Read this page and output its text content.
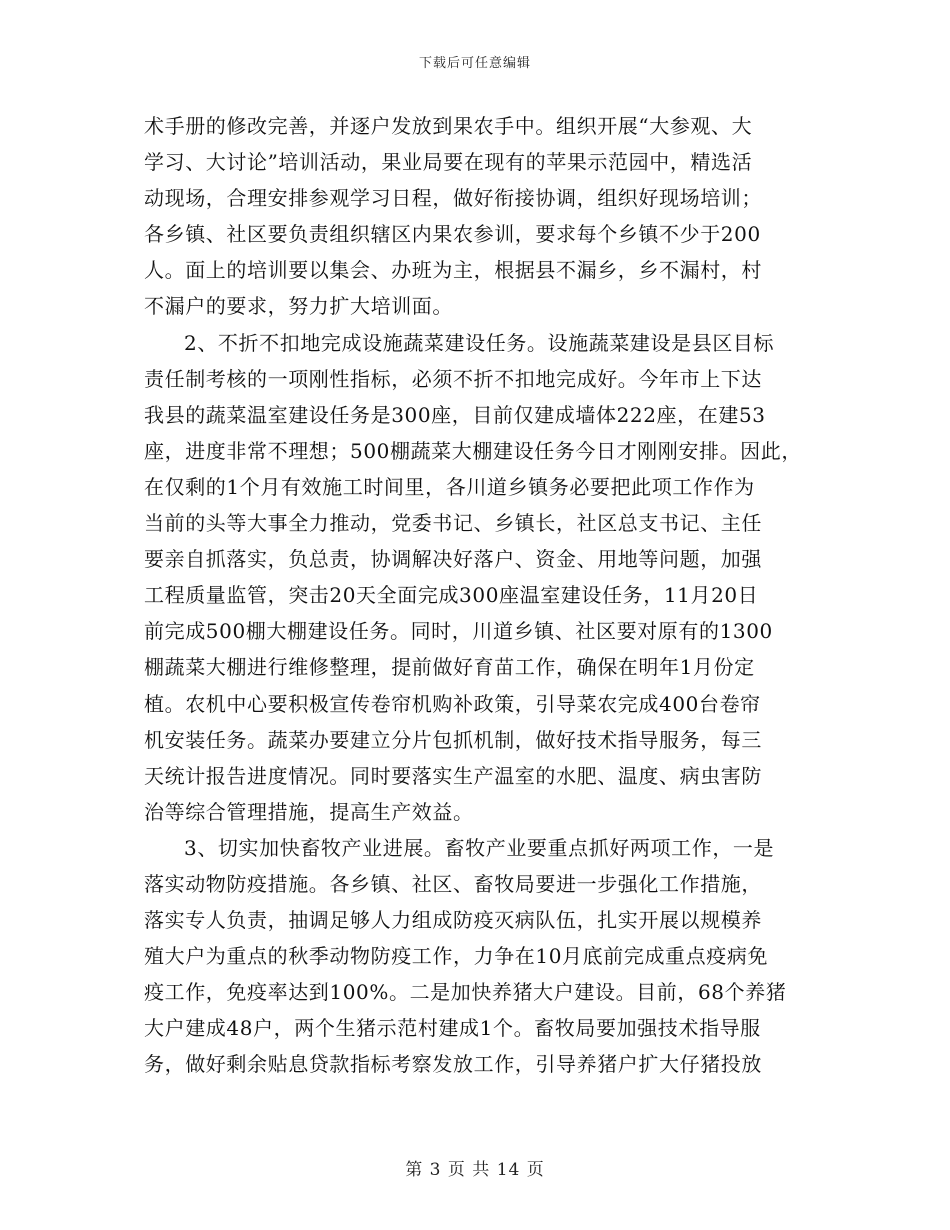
下载后可任意编辑

术手册的修改完善，并逐户发放到果农手中。组织开展“大参观、大
学习、大讨论”培训活动，果业局要在现有的苹果示范园中，精选活
动现场，合理安排参观学习日程，做好衔接协调，组织好现场培训；
各乡镇、社区要负责组织辖区内果农参训，要求每个乡镇不少于200
人。面上的培训要以集会、办班为主，根据县不漏乡，乡不漏村，村
不漏户的要求，努力扩大培训面。

2、不折不扣地完成设施蔬菜建设任务。设施蔬菜建设是县区目标
责任制考核的一项刚性指标，必须不折不扣地完成好。今年市上下达
我县的蔬菜温室建设任务是300座，目前仅建成墙体222座，在建53
座，进度非常不理想；500棚蔬菜大棚建设任务今日才刚刚安排。因此，
在仅剩的1个月有效施工时间里，各川道乡镇务必要把此项工作作为
当前的头等大事全力推动，党委书记、乡镇长，社区总支书记、主任
要亲自抓落实，负总责，协调解决好落户、资金、用地等问题，加强
工程质量监管，突击20天全面完成300座温室建设任务，11月20日
前完成500棚大棚建设任务。同时，川道乡镇、社区要对原有的1300
棚蔬菜大棚进行维修整理，提前做好育苗工作，确保在明年1月份定
植。农机中心要积极宣传卷帘机购补政策，引导菜农完成400台卷帘
机安装任务。蔬菜办要建立分片包抓机制，做好技术指导服务，每三
天统计报告进度情况。同时要落实生产温室的水肥、温度、病虫害防
治等综合管理措施，提高生产效益。

3、切实加快畜牧产业进展。畜牧产业要重点抓好两项工作，一是
落实动物防疫措施。各乡镇、社区、畜牧局要进一步强化工作措施，
落实专人负责，抽调足够人力组成防疫灭病队伍，扎实开展以规模养
殖大户为重点的秋季动物防疫工作，力争在10月底前完成重点疫病免
疫工作，免疫率达到100%。二是加快养猪大户建设。目前，68个养猪
大户建成48户，两个生猪示范村建成1个。畜牧局要加强技术指导服
务，做好剩余贴息贷款指标考察发放工作，引导养猪户扩大仔猪投放

第 3 页 共 14 页
